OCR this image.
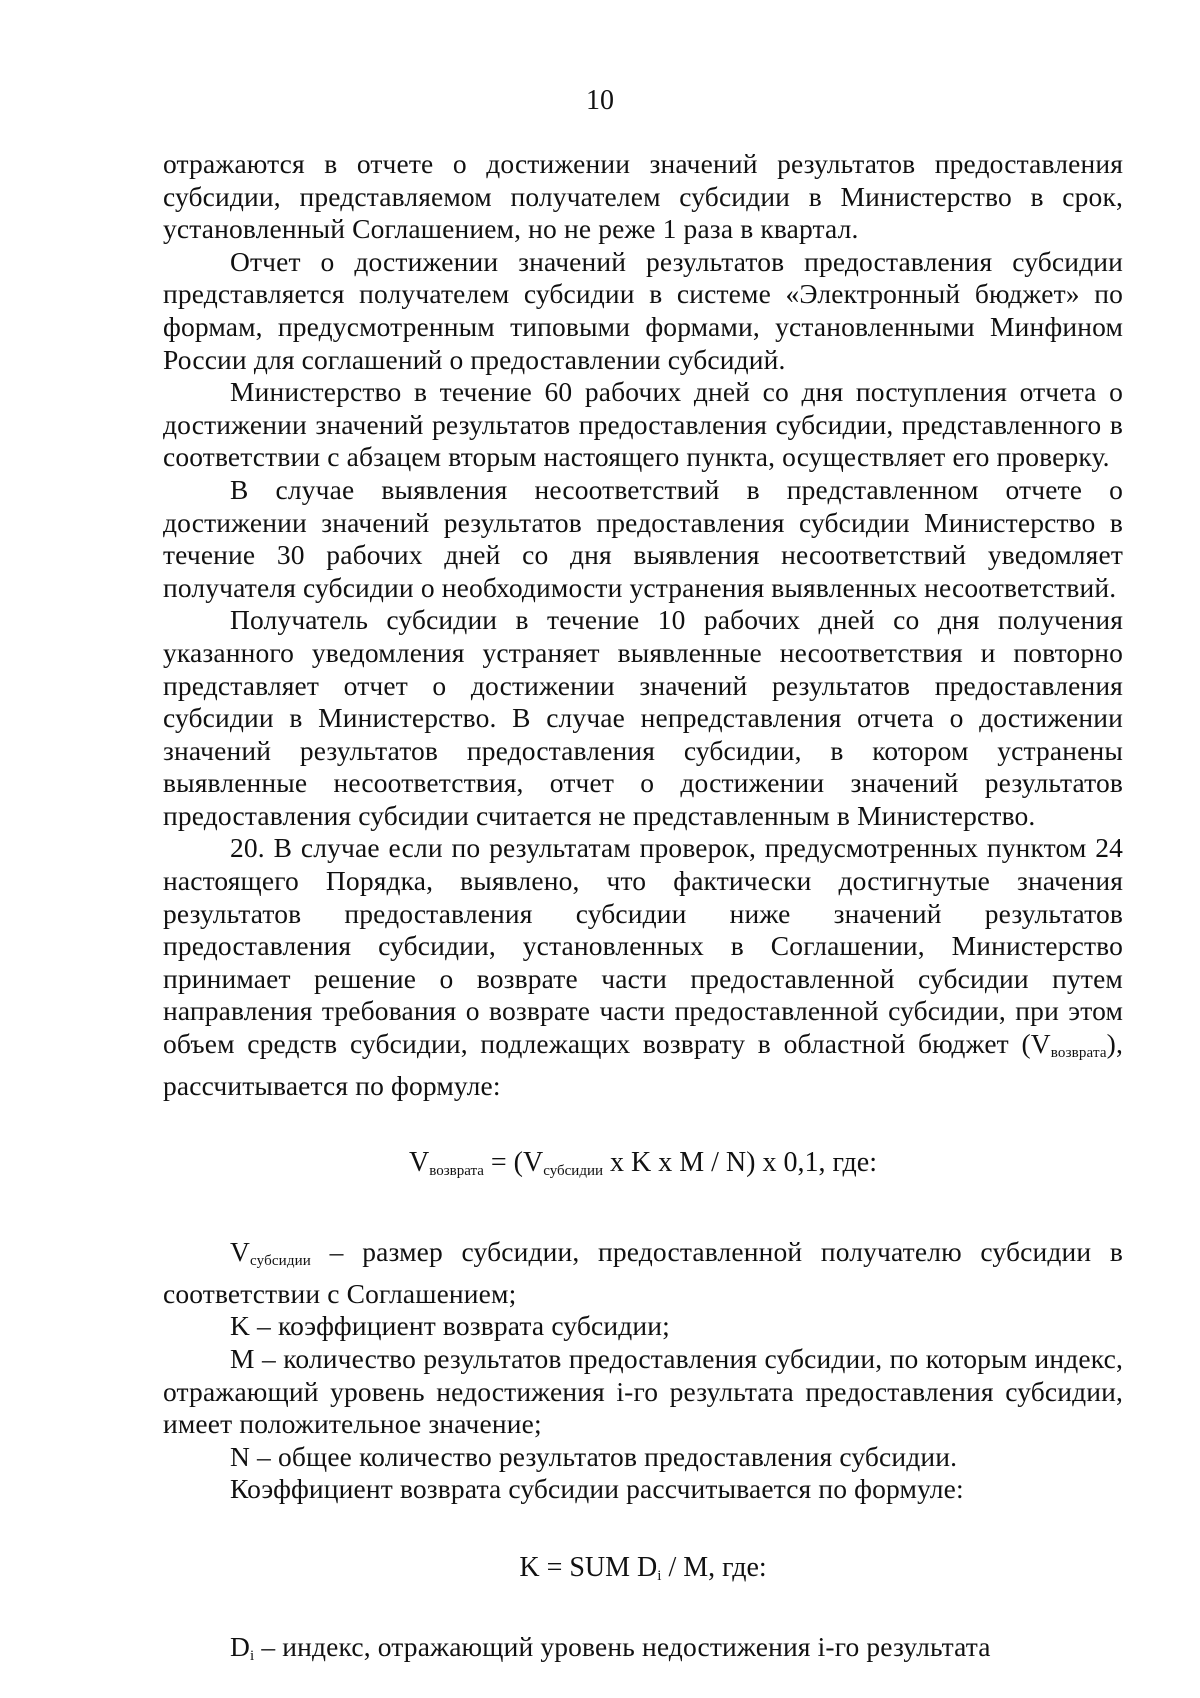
10

отражаются в отчете о достижении значений результатов предоставления субсидии, представляемом получателем субсидии в Министерство в срок, установленный Соглашением, но не реже 1 раза в квартал.

Отчет о достижении значений результатов предоставления субсидии представляется получателем субсидии в системе «Электронный бюджет» по формам, предусмотренным типовыми формами, установленными Минфином России для соглашений о предоставлении субсидий.

Министерство в течение 60 рабочих дней со дня поступления отчета о достижении значений результатов предоставления субсидии, представленного в соответствии с абзацем вторым настоящего пункта, осуществляет его проверку.

В случае выявления несоответствий в представленном отчете о достижении значений результатов предоставления субсидии Министерство в течение 30 рабочих дней со дня выявления несоответствий уведомляет получателя субсидии о необходимости устранения выявленных несоответствий.

Получатель субсидии в течение 10 рабочих дней со дня получения указанного уведомления устраняет выявленные несоответствия и повторно представляет отчет о достижении значений результатов предоставления субсидии в Министерство. В случае непредставления отчета о достижении значений результатов предоставления субсидии, в котором устранены выявленные несоответствия, отчет о достижении значений результатов предоставления субсидии считается не представленным в Министерство.

20. В случае если по результатам проверок, предусмотренных пунктом 24 настоящего Порядка, выявлено, что фактически достигнутые значения результатов предоставления субсидии ниже значений результатов предоставления субсидии, установленных в Соглашении, Министерство принимает решение о возврате части предоставленной субсидии путем направления требования о возврате части предоставленной субсидии, при этом объем средств субсидии, подлежащих возврату в областной бюджет $(V_{возврата})$, рассчитывается по формуле:

$V_{возврата} = (V_{субсидии}$ х K х M / N) х 0,1, где:

$V_{субсидии}$ – размер субсидии, предоставленной получателю субсидии в соответствии с Соглашением;

K – коэффициент возврата субсидии;

M – количество результатов предоставления субсидии, по которым индекс, отражающий уровень недостижения i-го результата предоставления субсидии, имеет положительное значение;

N – общее количество результатов предоставления субсидии.

Коэффициент возврата субсидии рассчитывается по формуле:

K = SUM $D_i$ / M, где:

$D_i$ – индекс, отражающий уровень недостижения i-го результата
